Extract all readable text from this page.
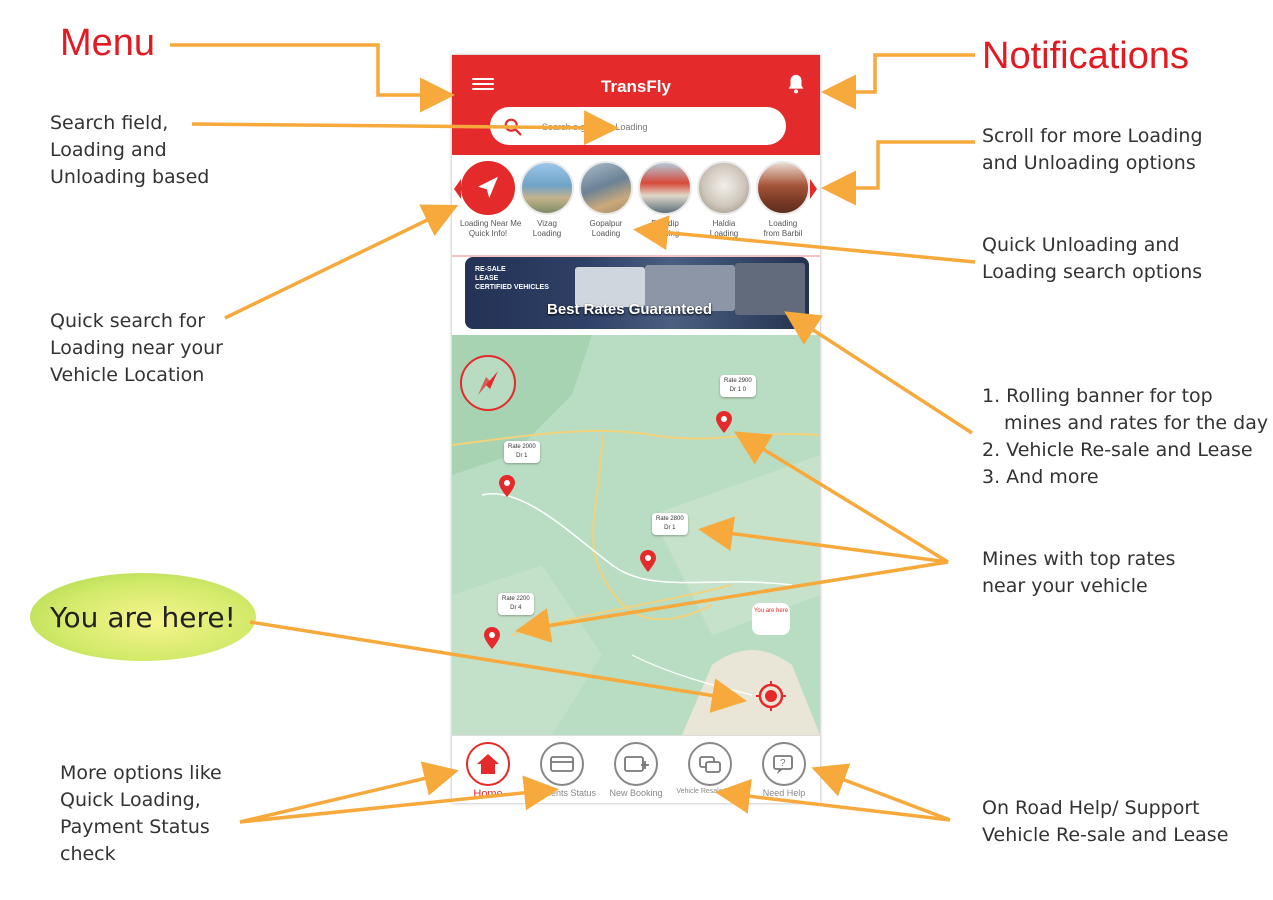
Menu	Notifications
Search field,
Loading and
Unloading based
Scroll for more Loading
and Unloading options
Quick Unloading and
Loading search options
Quick search for
Loading near your
Vehicle Location
1. Rolling banner for top
mines and rates for the day
2. Vehicle Re-sale and Lease
3. And more
Mines with top rates
near your vehicle
You are here!
More options like
Quick Loading,
Payment Status
check
On Road Help/ Support
Vehicle Re-sale and Lease
TransFly
Search e.g. Vizag Loading
Loading Near Me
Quick Info!
Vizag
Loading
Gopalpur
Loading
Paradip
Loading
Haldia
Loading
Loading
from Barbil
RE-SALE
LEASE
CERTIFIED VEHICLES
Best Rates Guaranteed
Rate 2900
Dr 1 0
Rate 2000
Dr 1
Rate 2800
Dr 1
Rate 2200
Dr 4	You are here
Home	Payments Status	New Booking	Vehicle Resale Lease
?
Need Help
